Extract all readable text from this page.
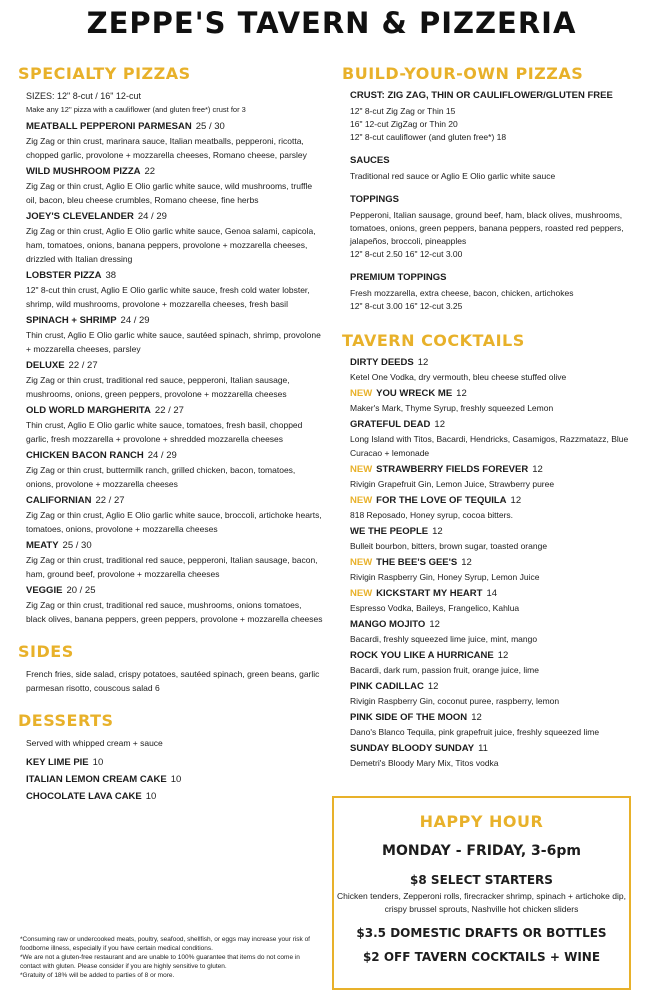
ZEPPE'S TAVERN & PIZZERIA
SPECIALTY PIZZAS
SIZES: 12" 8-cut / 16" 12-cut
Make any 12" pizza with a cauliflower (and gluten free*) crust for 3
MEATBALL PEPPERONI PARMESAN 25 / 30
Zig Zag or thin crust, marinara sauce, Italian meatballs, pepperoni, ricotta, chopped garlic, provolone + mozzarella cheeses, Romano cheese, parsley
WILD MUSHROOM PIZZA 22
Zig Zag or thin crust, Aglio E Olio garlic white sauce, wild mushrooms, truffle oil, bacon, bleu cheese crumbles, Romano cheese, fine herbs
JOEY'S CLEVELANDER 24 / 29
Zig Zag or thin crust, Aglio E Olio garlic white sauce, Genoa salami, capicola, ham, tomatoes, onions, banana peppers, provolone + mozzarella cheeses, drizzled with Italian dressing
LOBSTER PIZZA 38
12" 8-cut thin crust, Aglio E Olio garlic white sauce, fresh cold water lobster, shrimp, wild mushrooms, provolone + mozzarella cheeses, fresh basil
SPINACH + SHRIMP 24 / 29
Thin crust, Aglio E Olio garlic white sauce, sautéed spinach, shrimp, provolone + mozzarella cheeses, parsley
DELUXE 22 / 27
Zig Zag or thin crust, traditional red sauce, pepperoni, Italian sausage, mushrooms, onions, green peppers, provolone + mozzarella cheeses
OLD WORLD MARGHERITA 22 / 27
Thin crust, Aglio E Olio garlic white sauce, tomatoes, fresh basil, chopped garlic, fresh mozzarella + provolone + shredded mozzarella cheeses
CHICKEN BACON RANCH 24 / 29
Zig Zag or thin crust, buttermilk ranch, grilled chicken, bacon, tomatoes, onions, provolone + mozzarella cheeses
CALIFORNIAN 22 / 27
Zig Zag or thin crust, Aglio E Olio garlic white sauce, broccoli, artichoke hearts, tomatoes, onions, provolone + mozzarella cheeses
MEATY 25 / 30
Zig Zag or thin crust, traditional red sauce, pepperoni, Italian sausage, bacon, ham, ground beef, provolone + mozzarella cheeses
VEGGIE 20 / 25
Zig Zag or thin crust, traditional red sauce, mushrooms, onions tomatoes, black olives, banana peppers, green peppers, provolone + mozzarella cheeses
SIDES
French fries, side salad, crispy potatoes, sautéed spinach, green beans, garlic parmesan risotto, couscous salad 6
DESSERTS
Served with whipped cream + sauce
KEY LIME PIE 10
ITALIAN LEMON CREAM CAKE 10
CHOCOLATE LAVA CAKE 10
*Consuming raw or undercooked meats, poultry, seafood, shellfish, or eggs may increase your risk of foodborne illness, especially if you have certain medical conditions.
*We are not a gluten-free restaurant and are unable to 100% guarantee that items do not come in contact with gluten. Please consider if you are highly sensitive to gluten.
*Gratuity of 18% will be added to parties of 8 or more.
BUILD-YOUR-OWN PIZZAS
CRUST: ZIG ZAG, THIN OR CAULIFLOWER/GLUTEN FREE
12" 8-cut Zig Zag or Thin 15
16" 12-cut ZigZag or Thin 20
12" 8-cut cauliflower (and gluten free*) 18
SAUCES
Traditional red sauce or Aglio E Olio garlic white sauce
TOPPINGS
Pepperoni, Italian sausage, ground beef, ham, black olives, mushrooms, tomatoes, onions, green peppers, banana peppers, roasted red peppers, jalapeños, broccoli, pineapples
12" 8-cut 2.50 16" 12-cut 3.00
PREMIUM TOPPINGS
Fresh mozzarella, extra cheese, bacon, chicken, artichokes
12" 8-cut 3.00 16" 12-cut 3.25
TAVERN COCKTAILS
DIRTY DEEDS 12
Ketel One Vodka, dry vermouth, bleu cheese stuffed olive
NEW YOU WRECK ME 12
Maker's Mark, Thyme Syrup, freshly squeezed Lemon
GRATEFUL DEAD 12
Long Island with Titos, Bacardi, Hendricks, Casamigos, Razzmatazz, Blue Curacao + lemonade
NEW STRAWBERRY FIELDS FOREVER 12
Rivigin Grapefruit Gin, Lemon Juice, Strawberry puree
NEW FOR THE LOVE OF TEQUILA 12
818 Reposado, Honey syrup, cocoa bitters.
WE THE PEOPLE 12
Bulleit bourbon, bitters, brown sugar, toasted orange
NEW THE BEE'S GEE'S 12
Rivigin Raspberry Gin, Honey Syrup, Lemon Juice
NEW KICKSTART MY HEART 14
Espresso Vodka, Baileys, Frangelico, Kahlua
MANGO MOJITO 12
Bacardi, freshly squeezed lime juice, mint, mango
ROCK YOU LIKE A HURRICANE 12
Bacardi, dark rum, passion fruit, orange juice, lime
PINK CADILLAC 12
Rivigin Raspberry Gin, coconut puree, raspberry, lemon
PINK SIDE OF THE MOON 12
Dano's Blanco Tequila, pink grapefruit juice, freshly squeezed lime
SUNDAY BLOODY SUNDAY 11
Demetri's Bloody Mary Mix, Titos vodka
HAPPY HOUR
MONDAY - FRIDAY, 3-6pm
$8 SELECT STARTERS
Chicken tenders, Zepperoni rolls, firecracker shrimp, spinach + artichoke dip, crispy brussel sprouts, Nashville hot chicken sliders
$3.5 DOMESTIC DRAFTS OR BOTTLES
$2 OFF TAVERN COCKTAILS + WINE
